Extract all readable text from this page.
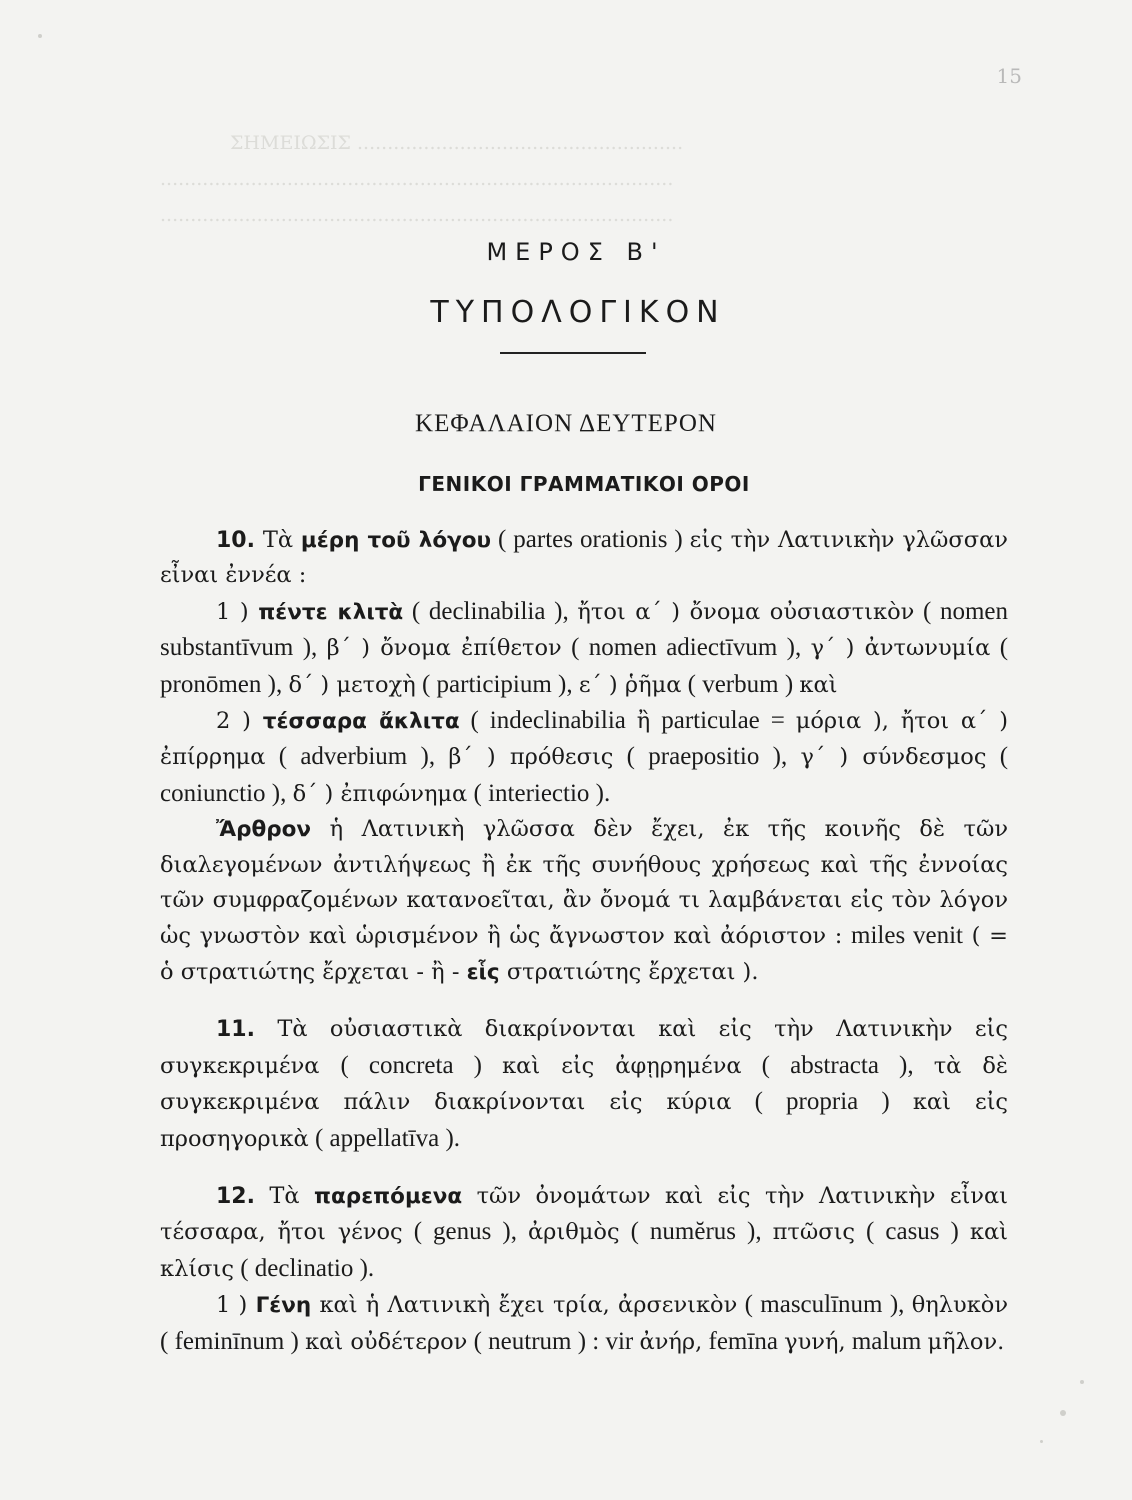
15
ΣΗΜΕΙΩΣΙΣ ......................................................
.....................................................................................
.....................................................................................
ΜΕΡΟΣ Β'
ΤΥΠΟΛΟΓΙΚΟΝ
ΚΕΦΑΛΑΙΟΝ ΔΕΥΤΕΡΟΝ
ΓΕΝΙΚΟΙ ΓΡΑΜΜΑΤΙΚΟΙ ΟΡΟΙ

10. Τὰ μέρη τοῦ λόγου ( partes orationis ) εἰς τὴν Λατινικὴν γλῶσσαν εἶναι ἐννέα :

1 ) πέντε κλιτὰ ( declinabilia ), ἤτοι α΄ ) ὄνομα οὐσιαστικὸν ( nomen substantīvum ), β΄ ) ὄνομα ἐπίθετον ( nomen adiectīvum ), γ΄ ) ἀντωνυμία ( pronōmen ), δ΄ ) μετοχὴ ( participium ), ε΄ ) ῥῆμα ( verbum ) καὶ

2 ) τέσσαρα ἄκλιτα ( indeclinabilia ἢ particulae = μόρια ), ἤτοι α΄ ) ἐπίρρημα ( adverbium ), β΄ ) πρόθεσις ( praepositio ), γ΄ ) σύνδεσμος ( coniunctio ), δ΄ ) ἐπιφώνημα ( interiectio ).

Ἄρθρον ἡ Λατινικὴ γλῶσσα δὲν ἔχει, ἐκ τῆς κοινῆς δὲ τῶν διαλεγομένων ἀντιλήψεως ἢ ἐκ τῆς συνήθους χρήσεως καὶ τῆς ἐννοίας τῶν συμφραζομένων κατανοεῖται, ἂν ὄνομά τι λαμβάνεται εἰς τὸν λόγον ὡς γνωστὸν καὶ ὡρισμένον ἢ ὡς ἄγνωστον καὶ ἀόριστον : miles venit ( = ὁ στρατιώτης ἔρχεται - ἢ - εἷς στρατιώτης ἔρχεται ).

11. Τὰ οὐσιαστικὰ διακρίνονται καὶ εἰς τὴν Λατινικὴν εἰς συγκεκριμένα ( concreta ) καὶ εἰς ἀφῃρημένα ( abstracta ), τὰ δὲ συγκεκριμένα πάλιν διακρίνονται εἰς κύρια ( propria ) καὶ εἰς προσηγορικὰ ( appellatīva ).

12. Τὰ παρεπόμενα τῶν ὀνομάτων καὶ εἰς τὴν Λατινικὴν εἶναι τέσσαρα, ἤτοι γένος ( genus ), ἀριθμὸς ( numĕrus ), πτῶσις ( casus ) καὶ κλίσις ( declinatio ).

1 ) Γένη καὶ ἡ Λατινικὴ ἔχει τρία, ἀρσενικὸν ( masculīnum ), θηλυκὸν ( feminīnum ) καὶ οὐδέτερον ( neutrum ) : vir ἀνήρ, femīna γυνή, malum μῆλον.
